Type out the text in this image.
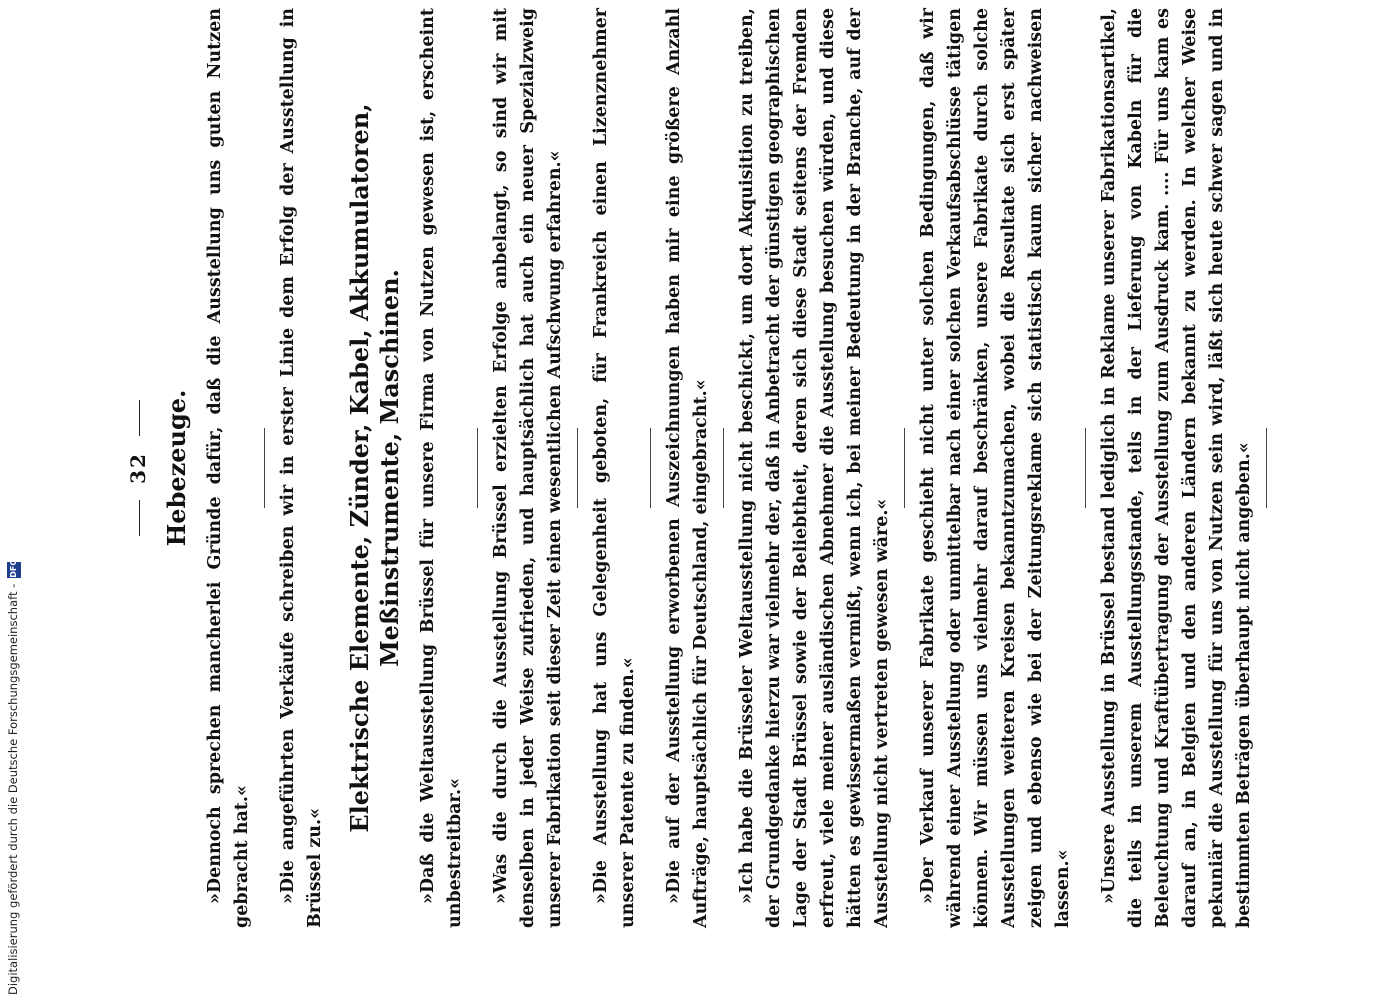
32 Hebezeuge. »Dennoch sprechen mancherlei Gründe dafür, daß die Ausstellung uns guten Nutzen gebracht hat.« »Die angeführten Verkäufe schreiben wir in erster Linie dem Erfolg der Ausstellung in Brüssel zu.«

Elektrische Elemente, Zünder, Kabel, Akkumulatoren, Meßinstrumente, Maschinen. »Daß die Weltausstellung Brüssel für unsere Firma von Nutzen gewesen ist, erscheint unbestreitbar.« »Was die durch die Ausstellung Brüssel erzielten Erfolge anbelangt, so sind wir mit denselben in jeder Weise zufrieden, und hauptsächlich hat auch ein neuer Spezialzweig unserer Fabrikation seit dieser Zeit einen wesentlichen Aufschwung erfahren.« »Die Ausstellung hat uns Gelegenheit geboten, für Frankreich einen Lizenznehmer unserer Patente zu finden.« »Die auf der Ausstellung erworbenen Auszeichnungen haben mir eine größere Anzahl Aufträge, hauptsächlich für Deutschland, eingebracht.« »Ich habe die Brüsseler Weltausstellung nicht beschickt, um dort Akquisition zu treiben, der Grundgedanke hierzu war vielmehr der, daß in Anbetracht der günstigen geographischen Lage der Stadt Brüssel sowie der Beliebtheit, deren sich diese Stadt seitens der Fremden erfreut, viele meiner ausländischen Abnehmer die Ausstellung besuchen würden, und diese hätten es gewissermaßen vermißt, wenn ich, bei meiner Bedeutung in der Branche, auf der Ausstellung nicht vertreten gewesen wäre.« »Der Verkauf unserer Fabrikate geschieht nicht unter solchen Bedingungen, daß wir während einer Ausstellung oder unmittelbar nach einer solchen Verkaufsabschlüsse tätigen können. Wir müssen uns vielmehr darauf beschränken, unsere Fabrikate durch solche Ausstellungen weiteren Kreisen bekanntzumachen, wobei die Resultate sich erst später zeigen und ebenso wie bei der Zeitungsreklame sich statistisch kaum sicher nachweisen lassen.« »Unsere Ausstellung in Brüssel bestand lediglich in Reklame unserer Fabrikationsartikel, die teils in unserem Ausstellungsstande, teils in der Lieferung von Kabeln für die Beleuchtung und Kraftübertragung der Ausstellung zum Ausdruck kam. .... Für uns kam es darauf an, in Belgien und den anderen Ländern bekannt zu werden. In welcher Weise pekuniär die Ausstellung für uns von Nutzen sein wird, läßt sich heute schwer sagen und in bestimmten Beträgen überhaupt nicht angeben.«

Digitalisierung gefördert durch die Deutsche Forschungsgemeinschaft -DFG
